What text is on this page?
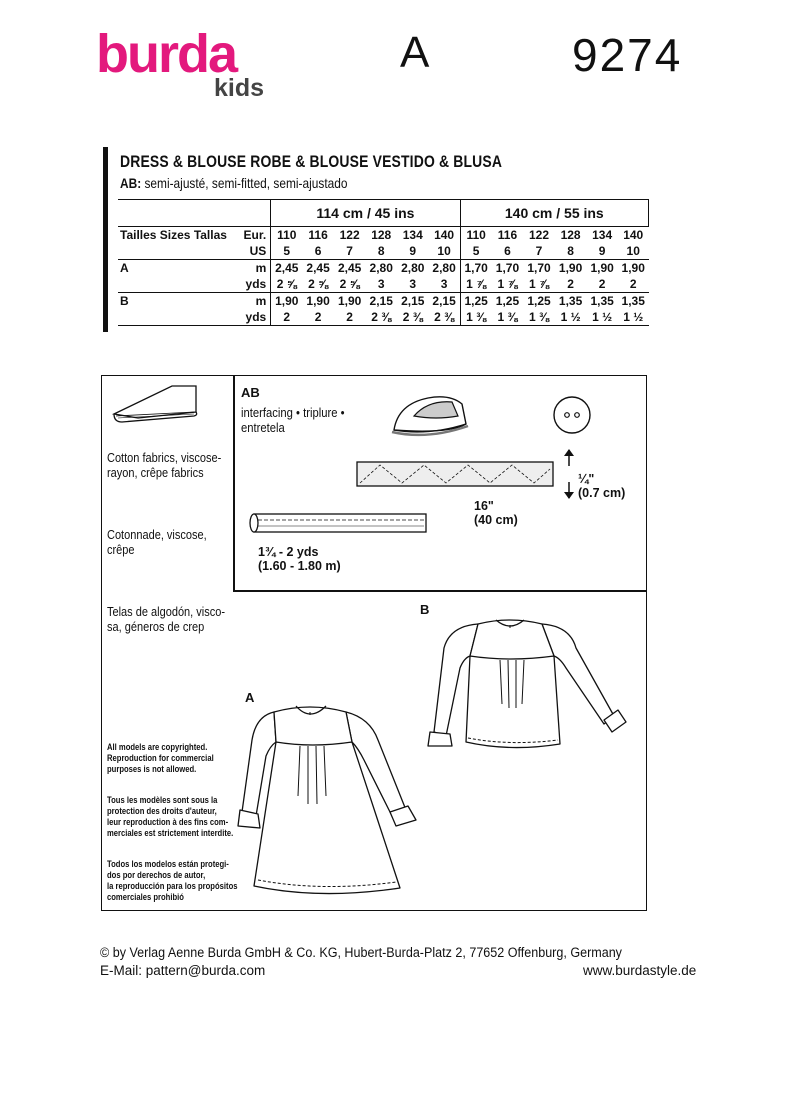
burda
kids
A	9274
DRESS & BLOUSE ROBE & BLOUSE VESTIDO & BLUSA
AB: semi-ajusté, semi-fitted, semi-ajustado
		114 cm / 45 ins						140 cm / 55 ins					
Tailles Sizes Tallas	Eur.	110	116	122	128	134	140	110	116	122	128	134	140
	US	5	6	7	8	9	10	5	6	7	8	9	10
A	m	2,45	2,45	2,45	2,80	2,80	2,80	1,70	1,70	1,70	1,90	1,90	1,90
	yds	2 ⅝	2 ⅝	2 ⅝	3	3	3	1 ⅞	1 ⅞	1 ⅞	2	2	2
B	m	1,90	1,90	1,90	2,15	2,15	2,15	1,25	1,25	1,25	1,35	1,35	1,35
	yds	2	2	2	2 ⅜	2 ⅜	2 ⅜	1 ⅜	1 ⅜	1 ⅜	1 ½	1 ½	1 ½
Cotton fabrics, viscose-
rayon, crêpe fabrics
Cotonnade, viscose,
crêpe
Telas de algodón, visco-
sa, géneros de crep
All models are copyrighted.
Reproduction for commercial
purposes is not allowed.
Tous les modèles sont sous la
protection des droits d'auteur,
leur reproduction à des fins com-
merciales est strictement interdite.
Todos los modelos están protegi-
dos por derechos de autor,
la reproducción para los propósitos
comerciales prohibió
AB
interfacing • triplure •
entretela
¼"
(0.7 cm)
16"
(40 cm)
1¾ - 2 yds
(1.60 - 1.80 m)
B
A
© by Verlag Aenne Burda GmbH & Co. KG, Hubert-Burda-Platz 2, 77652 Offenburg, Germany
E-Mail: pattern@burda.com	www.burdastyle.de
